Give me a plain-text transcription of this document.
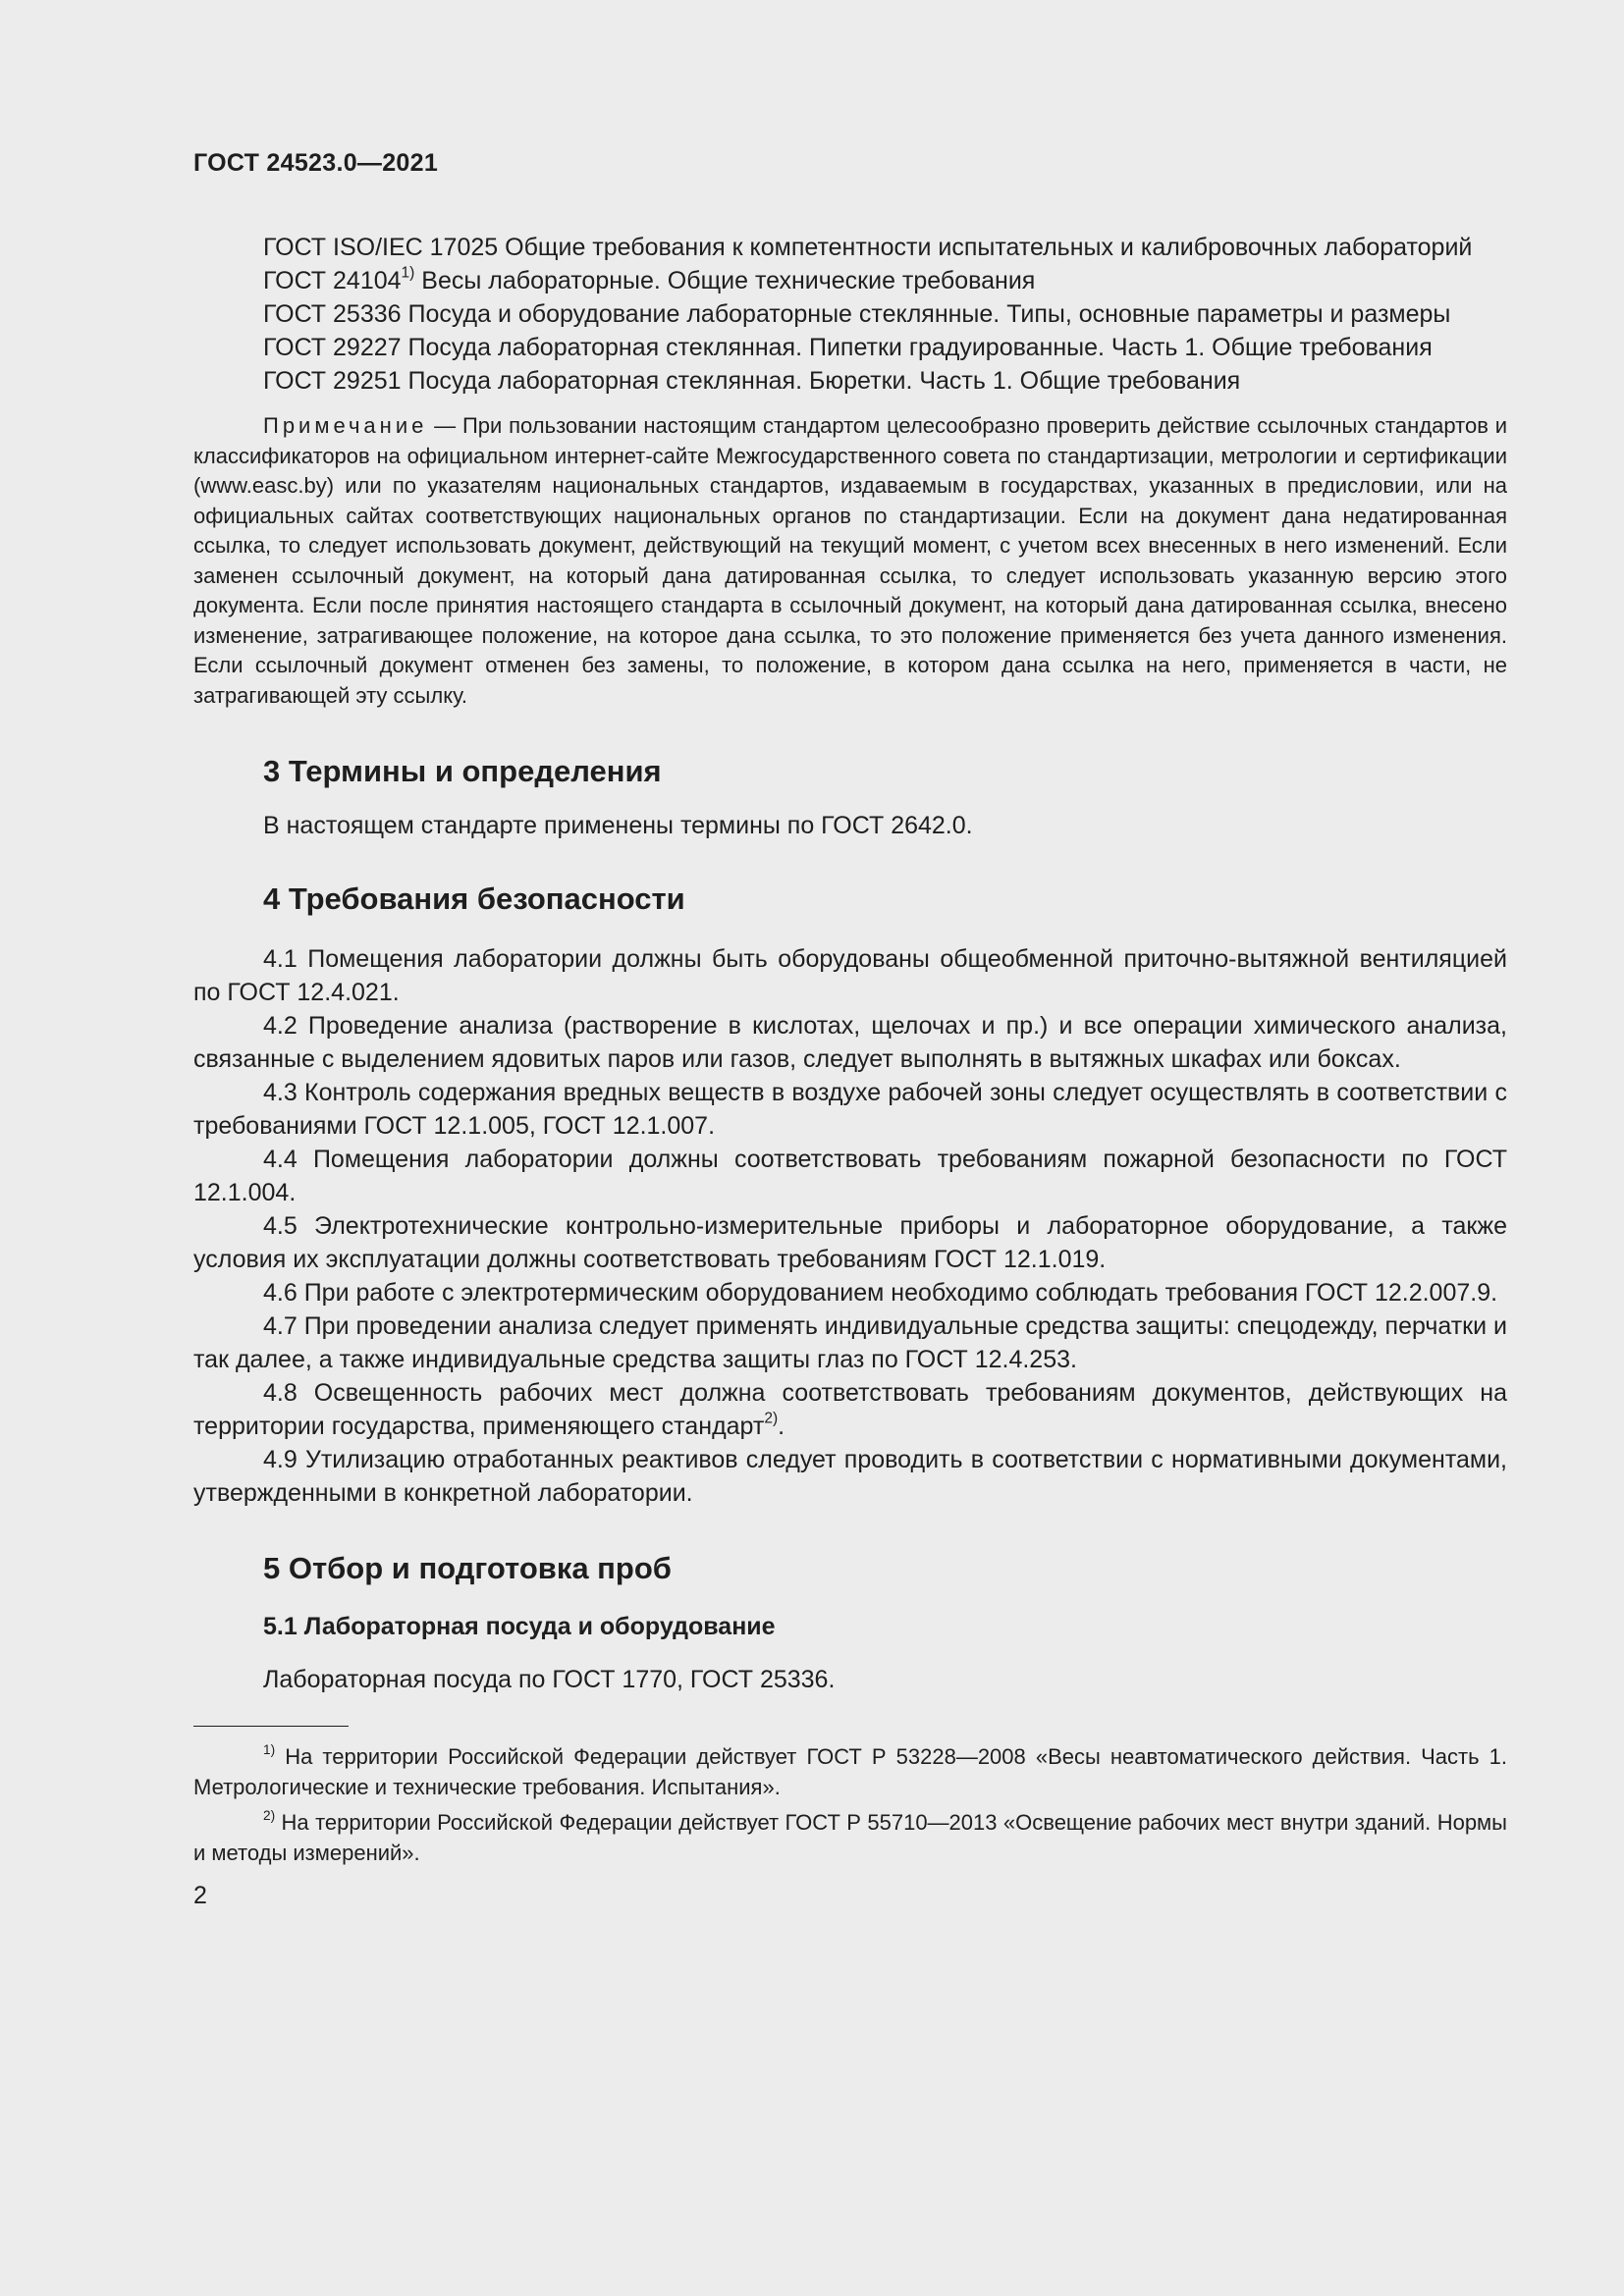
ГОСТ 24523.0—2021

ГОСТ ISO/IEC 17025 Общие требования к компетентности испытательных и калибровочных лабораторий

ГОСТ 24104$^{1)}$ Весы лабораторные. Общие технические требования

ГОСТ 25336 Посуда и оборудование лабораторные стеклянные. Типы, основные параметры и размеры

ГОСТ 29227 Посуда лабораторная стеклянная. Пипетки градуированные. Часть 1. Общие требования

ГОСТ 29251 Посуда лабораторная стеклянная. Бюретки. Часть 1. Общие требования

Примечание — При пользовании настоящим стандартом целесообразно проверить действие ссылочных стандартов и классификаторов на официальном интернет-сайте Межгосударственного совета по стандартизации, метрологии и сертификации (www.easc.by) или по указателям национальных стандартов, издаваемым в государствах, указанных в предисловии, или на официальных сайтах соответствующих национальных органов по стандартизации. Если на документ дана недатированная ссылка, то следует использовать документ, действующий на текущий момент, с учетом всех внесенных в него изменений. Если заменен ссылочный документ, на который дана датированная ссылка, то следует использовать указанную версию этого документа. Если после принятия настоящего стандарта в ссылочный документ, на который дана датированная ссылка, внесено изменение, затрагивающее положение, на которое дана ссылка, то это положение применяется без учета данного изменения. Если ссылочный документ отменен без замены, то положение, в котором дана ссылка на него, применяется в части, не затрагивающей эту ссылку.

3 Термины и определения

В настоящем стандарте применены термины по ГОСТ 2642.0.

4 Требования безопасности

4.1 Помещения лаборатории должны быть оборудованы общеобменной приточно-вытяжной вентиляцией по ГОСТ 12.4.021.

4.2 Проведение анализа (растворение в кислотах, щелочах и пр.) и все операции химического анализа, связанные с выделением ядовитых паров или газов, следует выполнять в вытяжных шкафах или боксах.

4.3 Контроль содержания вредных веществ в воздухе рабочей зоны следует осуществлять в соответствии с требованиями ГОСТ 12.1.005, ГОСТ 12.1.007.

4.4 Помещения лаборатории должны соответствовать требованиям пожарной безопасности по ГОСТ 12.1.004.

4.5 Электротехнические контрольно-измерительные приборы и лабораторное оборудование, а также условия их эксплуатации должны соответствовать требованиям ГОСТ 12.1.019.

4.6 При работе с электротермическим оборудованием необходимо соблюдать требования ГОСТ 12.2.007.9.

4.7 При проведении анализа следует применять индивидуальные средства защиты: спецодежду, перчатки и так далее, а также индивидуальные средства защиты глаз по ГОСТ 12.4.253.

4.8 Освещенность рабочих мест должна соответствовать требованиям документов, действующих на территории государства, применяющего стандарт$^{2)}$.

4.9 Утилизацию отработанных реактивов следует проводить в соответствии с нормативными документами, утвержденными в конкретной лаборатории.

5 Отбор и подготовка проб
5.1 Лабораторная посуда и оборудование

Лабораторная посуда по ГОСТ 1770, ГОСТ 25336.

$^{1)}$ На территории Российской Федерации действует ГОСТ Р 53228—2008 «Весы неавтоматического действия. Часть 1. Метрологические и технические требования. Испытания».

$^{2)}$ На территории Российской Федерации действует ГОСТ Р 55710—2013 «Освещение рабочих мест внутри зданий. Нормы и методы измерений».

2
